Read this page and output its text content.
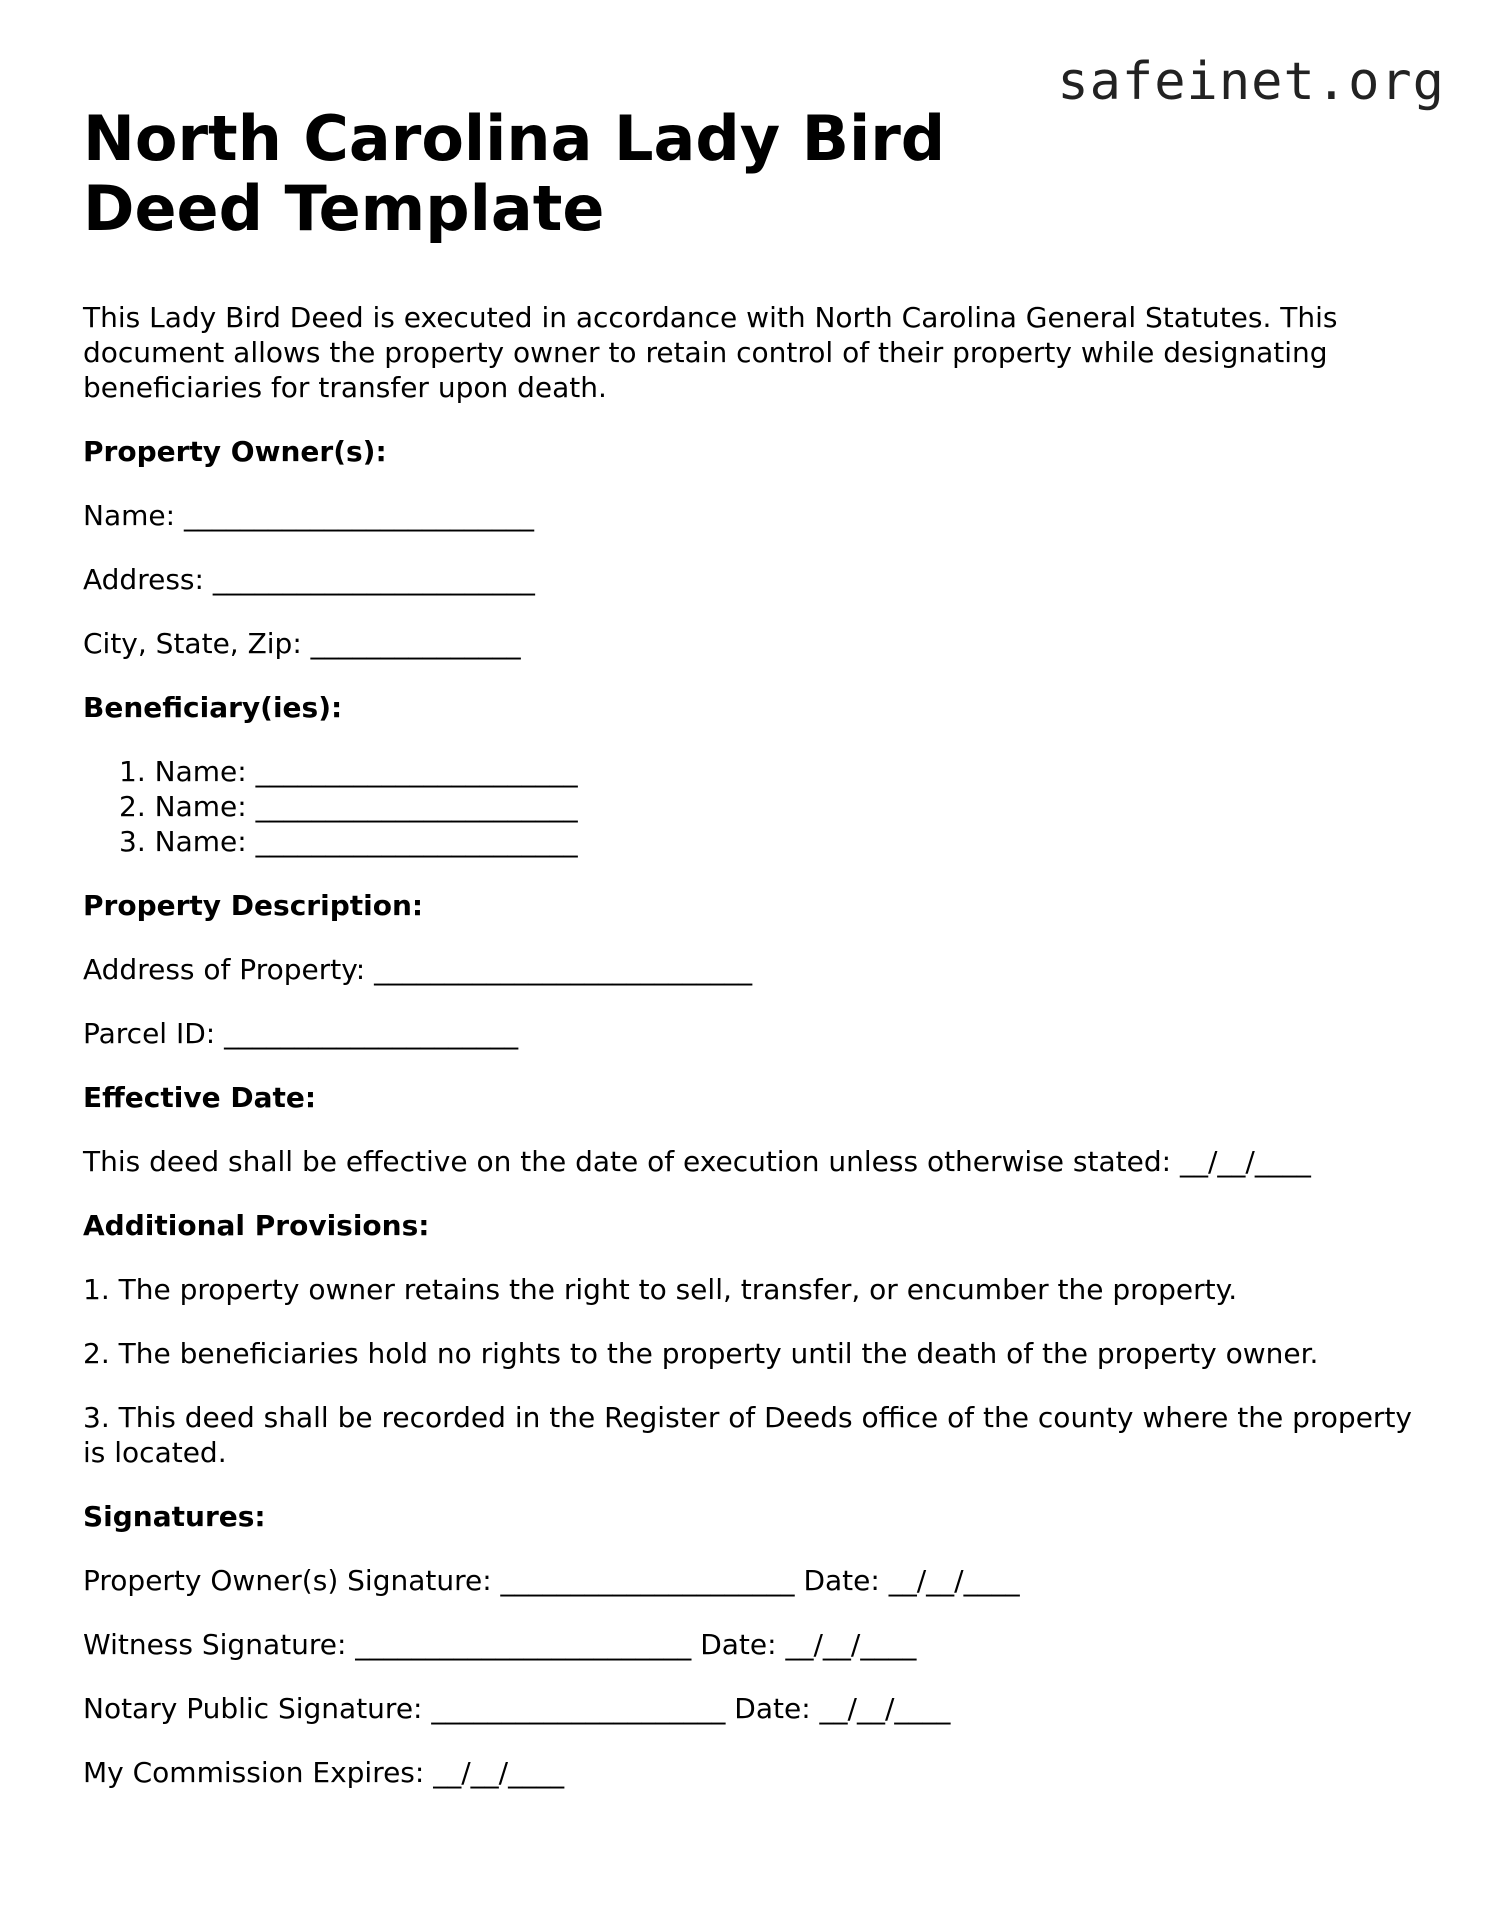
safeinet.org
North Carolina Lady Bird Deed Template

This Lady Bird Deed is executed in accordance with North Carolina General Statutes. This document allows the property owner to retain control of their property while designating beneficiaries for transfer upon death.

Property Owner(s):

Name: _________________________

Address: _______________________

City, State, Zip: _______________

Beneficiary(ies):

1. Name: _______________________
2. Name: _______________________
3. Name: _______________________

Property Description:

Address of Property: ___________________________

Parcel ID: _____________________

Effective Date:

This deed shall be effective on the date of execution unless otherwise stated: __/__/____

Additional Provisions:

1. The property owner retains the right to sell, transfer, or encumber the property.

2. The beneficiaries hold no rights to the property until the death of the property owner.

3. This deed shall be recorded in the Register of Deeds office of the county where the property is located.

Signatures:

Property Owner(s) Signature: _____________________ Date: __/__/____

Witness Signature: ________________________ Date: __/__/____

Notary Public Signature: _____________________ Date: __/__/____

My Commission Expires: __/__/____
